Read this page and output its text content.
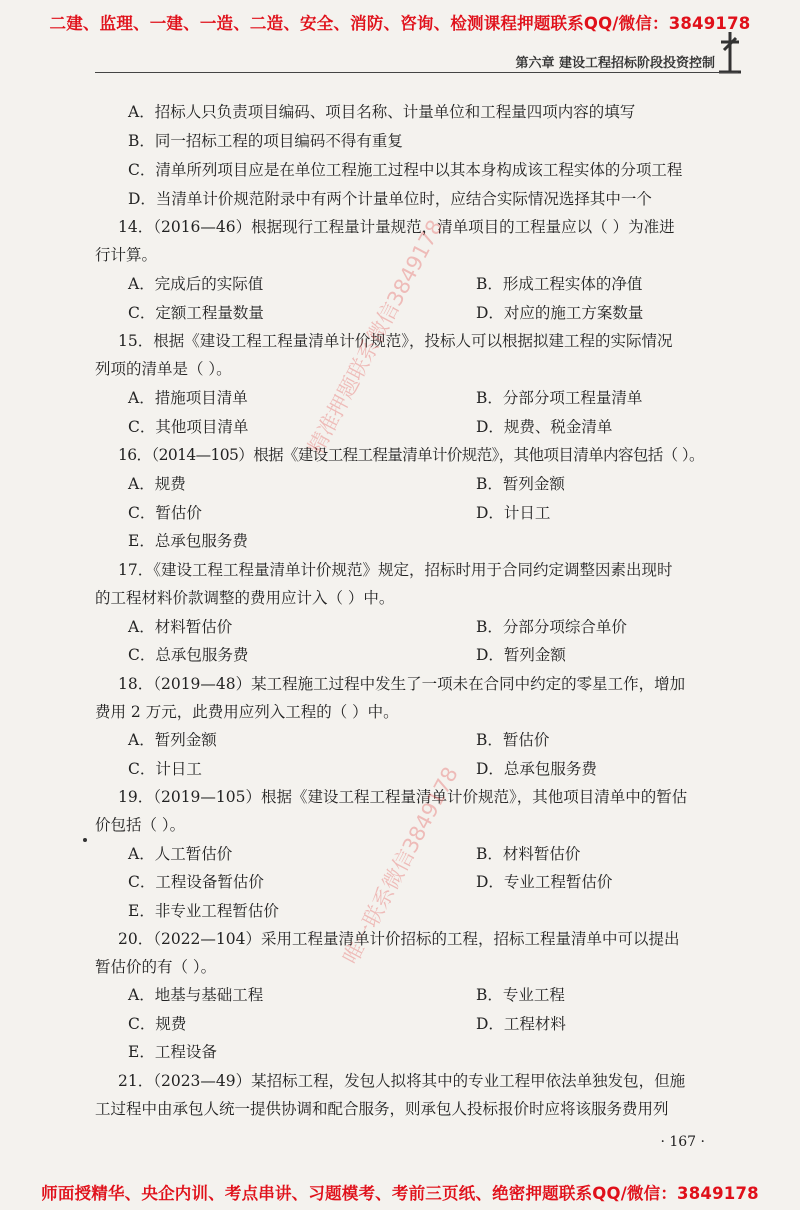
二建、监理、一建、一造、二造、安全、消防、咨询、检测课程押题联系QQ/微信：3849178
第六章 建设工程招标阶段投资控制
A．招标人只负责项目编码、项目名称、计量单位和工程量四项内容的填写
B．同一招标工程的项目编码不得有重复
C．清单所列项目应是在单位工程施工过程中以其本身构成该工程实体的分项工程
D．当清单计价规范附录中有两个计量单位时，应结合实际情况选择其中一个
14．（2016—46）根据现行工程量计量规范，清单项目的工程量应以（ ）为准进
行计算。
A．完成后的实际值	B．形成工程实体的净值
C．定额工程量数量	D．对应的施工方案数量
15．根据《建设工程工程量清单计价规范》，投标人可以根据拟建工程的实际情况
列项的清单是（ ）。
A．措施项目清单	B．分部分项工程量清单
C．其他项目清单	D．规费、税金清单
16．（2014—105）根据《建设工程工程量清单计价规范》，其他项目清单内容包括（ ）。
A．规费	B．暂列金额
C．暂估价	D．计日工
E．总承包服务费
17．《建设工程工程量清单计价规范》规定，招标时用于合同约定调整因素出现时
的工程材料价款调整的费用应计入（ ）中。
A．材料暂估价	B．分部分项综合单价
C．总承包服务费	D．暂列金额
18．（2019—48）某工程施工过程中发生了一项未在合同中约定的零星工作，增加
费用 2 万元，此费用应列入工程的（ ）中。
A．暂列金额	B．暂估价
C．计日工	D．总承包服务费
19．（2019—105）根据《建设工程工程量清单计价规范》，其他项目清单中的暂估
价包括（ ）。
A．人工暂估价	B．材料暂估价
C．工程设备暂估价	D．专业工程暂估价
E．非专业工程暂估价
20．（2022—104）采用工程量清单计价招标的工程，招标工程量清单中可以提出
暂估价的有（ ）。
A．地基与基础工程	B．专业工程
C．规费	D．工程材料
E．工程设备
21．（2023—49）某招标工程，发包人拟将其中的专业工程甲依法单独发包，但施
工过程中由承包人统一提供协调和配合服务，则承包人投标报价时应将该服务费用列
精准押题联系微信3849178
唯一联系微信3849178
· 167 ·
师面授精华、央企内训、考点串讲、习题模考、考前三页纸、绝密押题联系QQ/微信：3849178
